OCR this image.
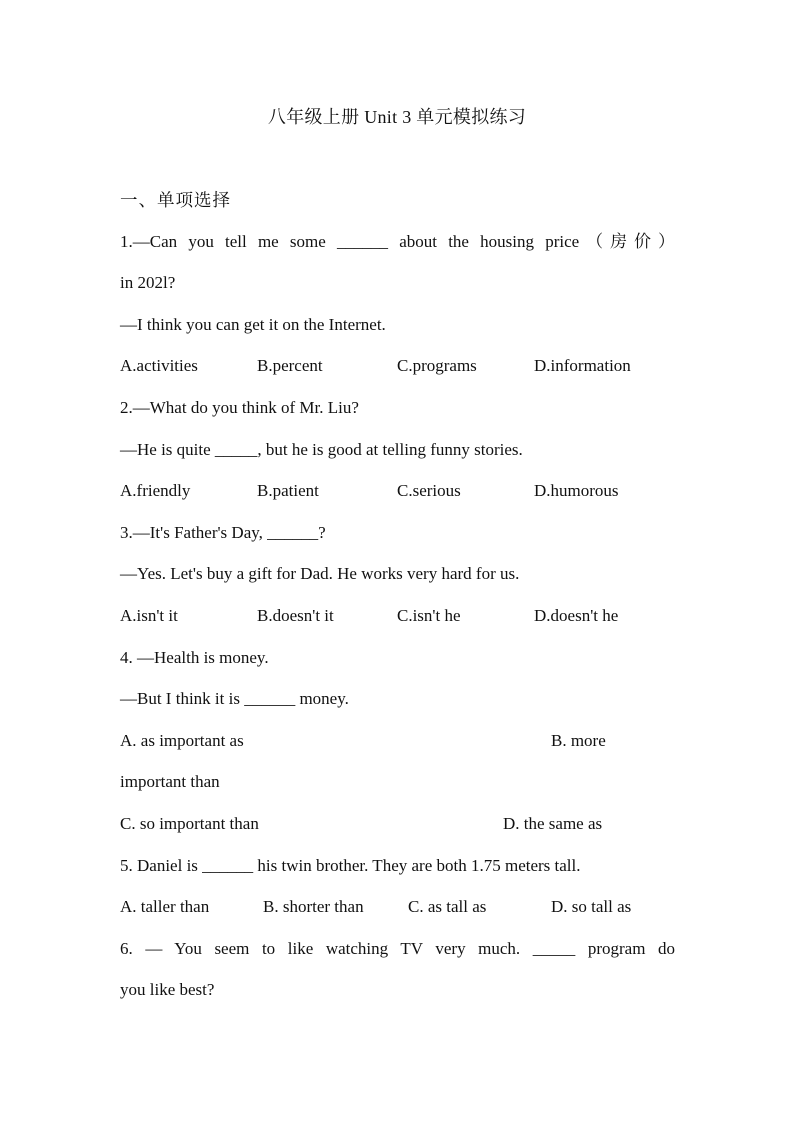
八年级上册 Unit 3 单元模拟练习
一、单项选择
1.—Can you tell me some ______ about the housing price（房价）
in 202l?
—I think you can get it on the Internet.
A.activities	B.percent	C.programs	D.information
2.—What do you think of Mr. Liu?
—He is quite _____, but he is good at telling funny stories.
A.friendly	B.patient	C.serious	D.humorous
3.—It's Father's Day, ______?
—Yes. Let's buy a gift for Dad. He works very hard for us.
A.isn't it	B.doesn't it	C.isn't he	D.doesn't he
4. —Health is money.
—But I think it is ______ money.
A. as important as	B. more
important than
C. so important than	D. the same as
5. Daniel is ______ his twin brother. They are both 1.75 meters tall.
A. taller than	B. shorter than	C. as tall as	D. so tall as
6. — You seem to like watching TV very much. _____ program do
you like best?
